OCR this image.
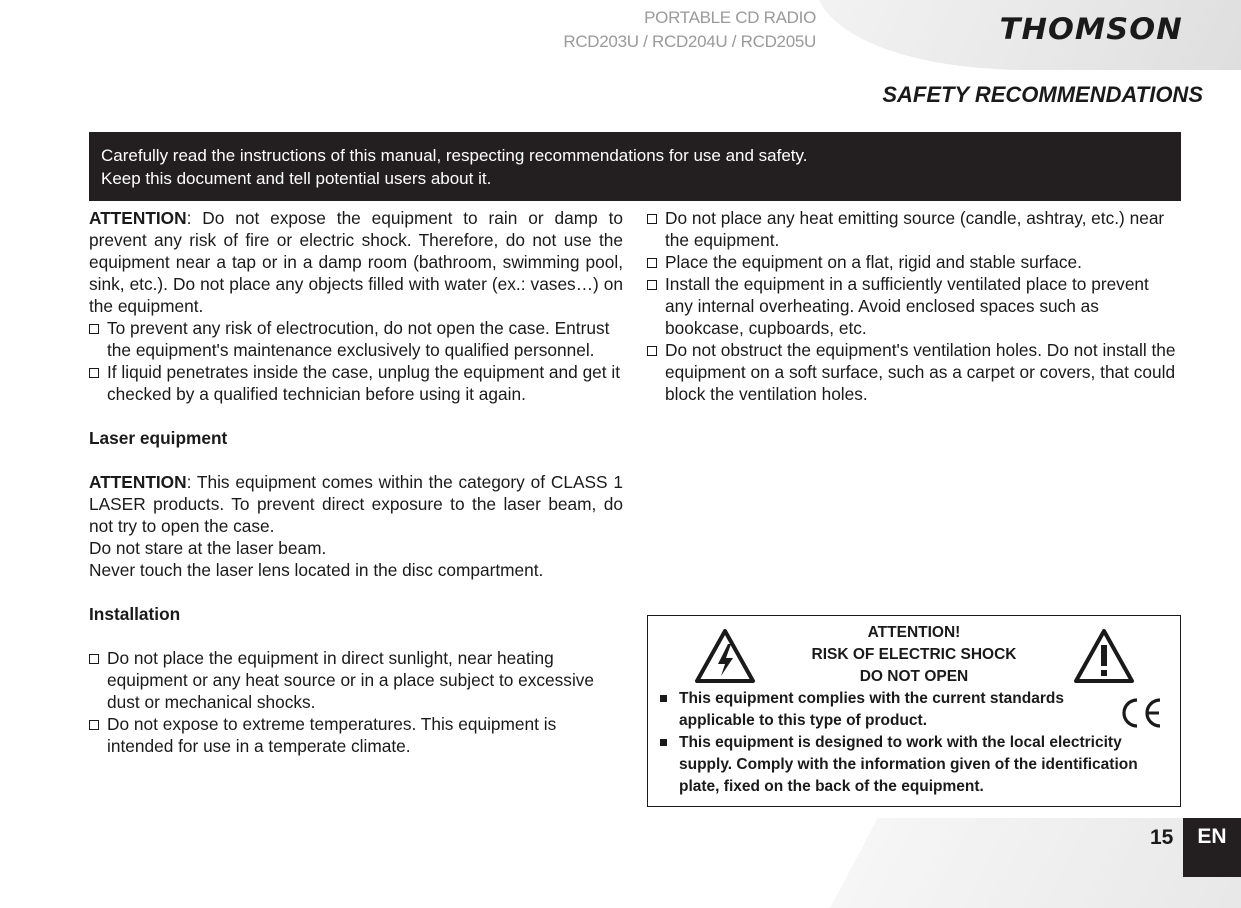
PORTABLE CD RADIO
RCD203U / RCD204U / RCD205U	THOMSON
SAFETY RECOMMENDATIONS
Carefully read the instructions of this manual, respecting recommendations for use and safety.
Keep this document and tell potential users about it.
ATTENTION: Do not expose the equipment to rain or damp to prevent any risk of fire or electric shock. Therefore, do not use the equipment near a tap or in a damp room (bathroom, swimming pool, sink, etc.). Do not place any objects filled with water (ex.: vases…) on the equipment.
To prevent any risk of electrocution, do not open the case. Entrust the equipment's maintenance exclusively to qualified personnel.
If liquid penetrates inside the case, unplug the equipment and get it checked by a qualified technician before using it again.
Laser equipment
ATTENTION: This equipment comes within the category of CLASS 1 LASER products. To prevent direct exposure to the laser beam, do not try to open the case.
Do not stare at the laser beam.
Never touch the laser lens located in the disc compartment.
Installation
Do not place the equipment in direct sunlight, near heating equipment or any heat source or in a place subject to excessive dust or mechanical shocks.
Do not expose to extreme temperatures. This equipment is intended for use in a temperate climate.
Do not place any heat emitting source (candle, ashtray, etc.) near the equipment.
Place the equipment on a flat, rigid and stable surface.
Install the equipment in a sufficiently ventilated place to prevent any internal overheating. Avoid enclosed spaces such as bookcase, cupboards, etc.
Do not obstruct the equipment's ventilation holes. Do not install the equipment on a soft surface, such as a carpet or covers, that could block the ventilation holes.
ATTENTION!
RISK OF ELECTRIC SHOCK
DO NOT OPEN
This equipment complies with the current standards applicable to this type of product.
This equipment is designed to work with the local electricity supply. Comply with the information given of the identification plate, fixed on the back of the equipment.
15	EN
